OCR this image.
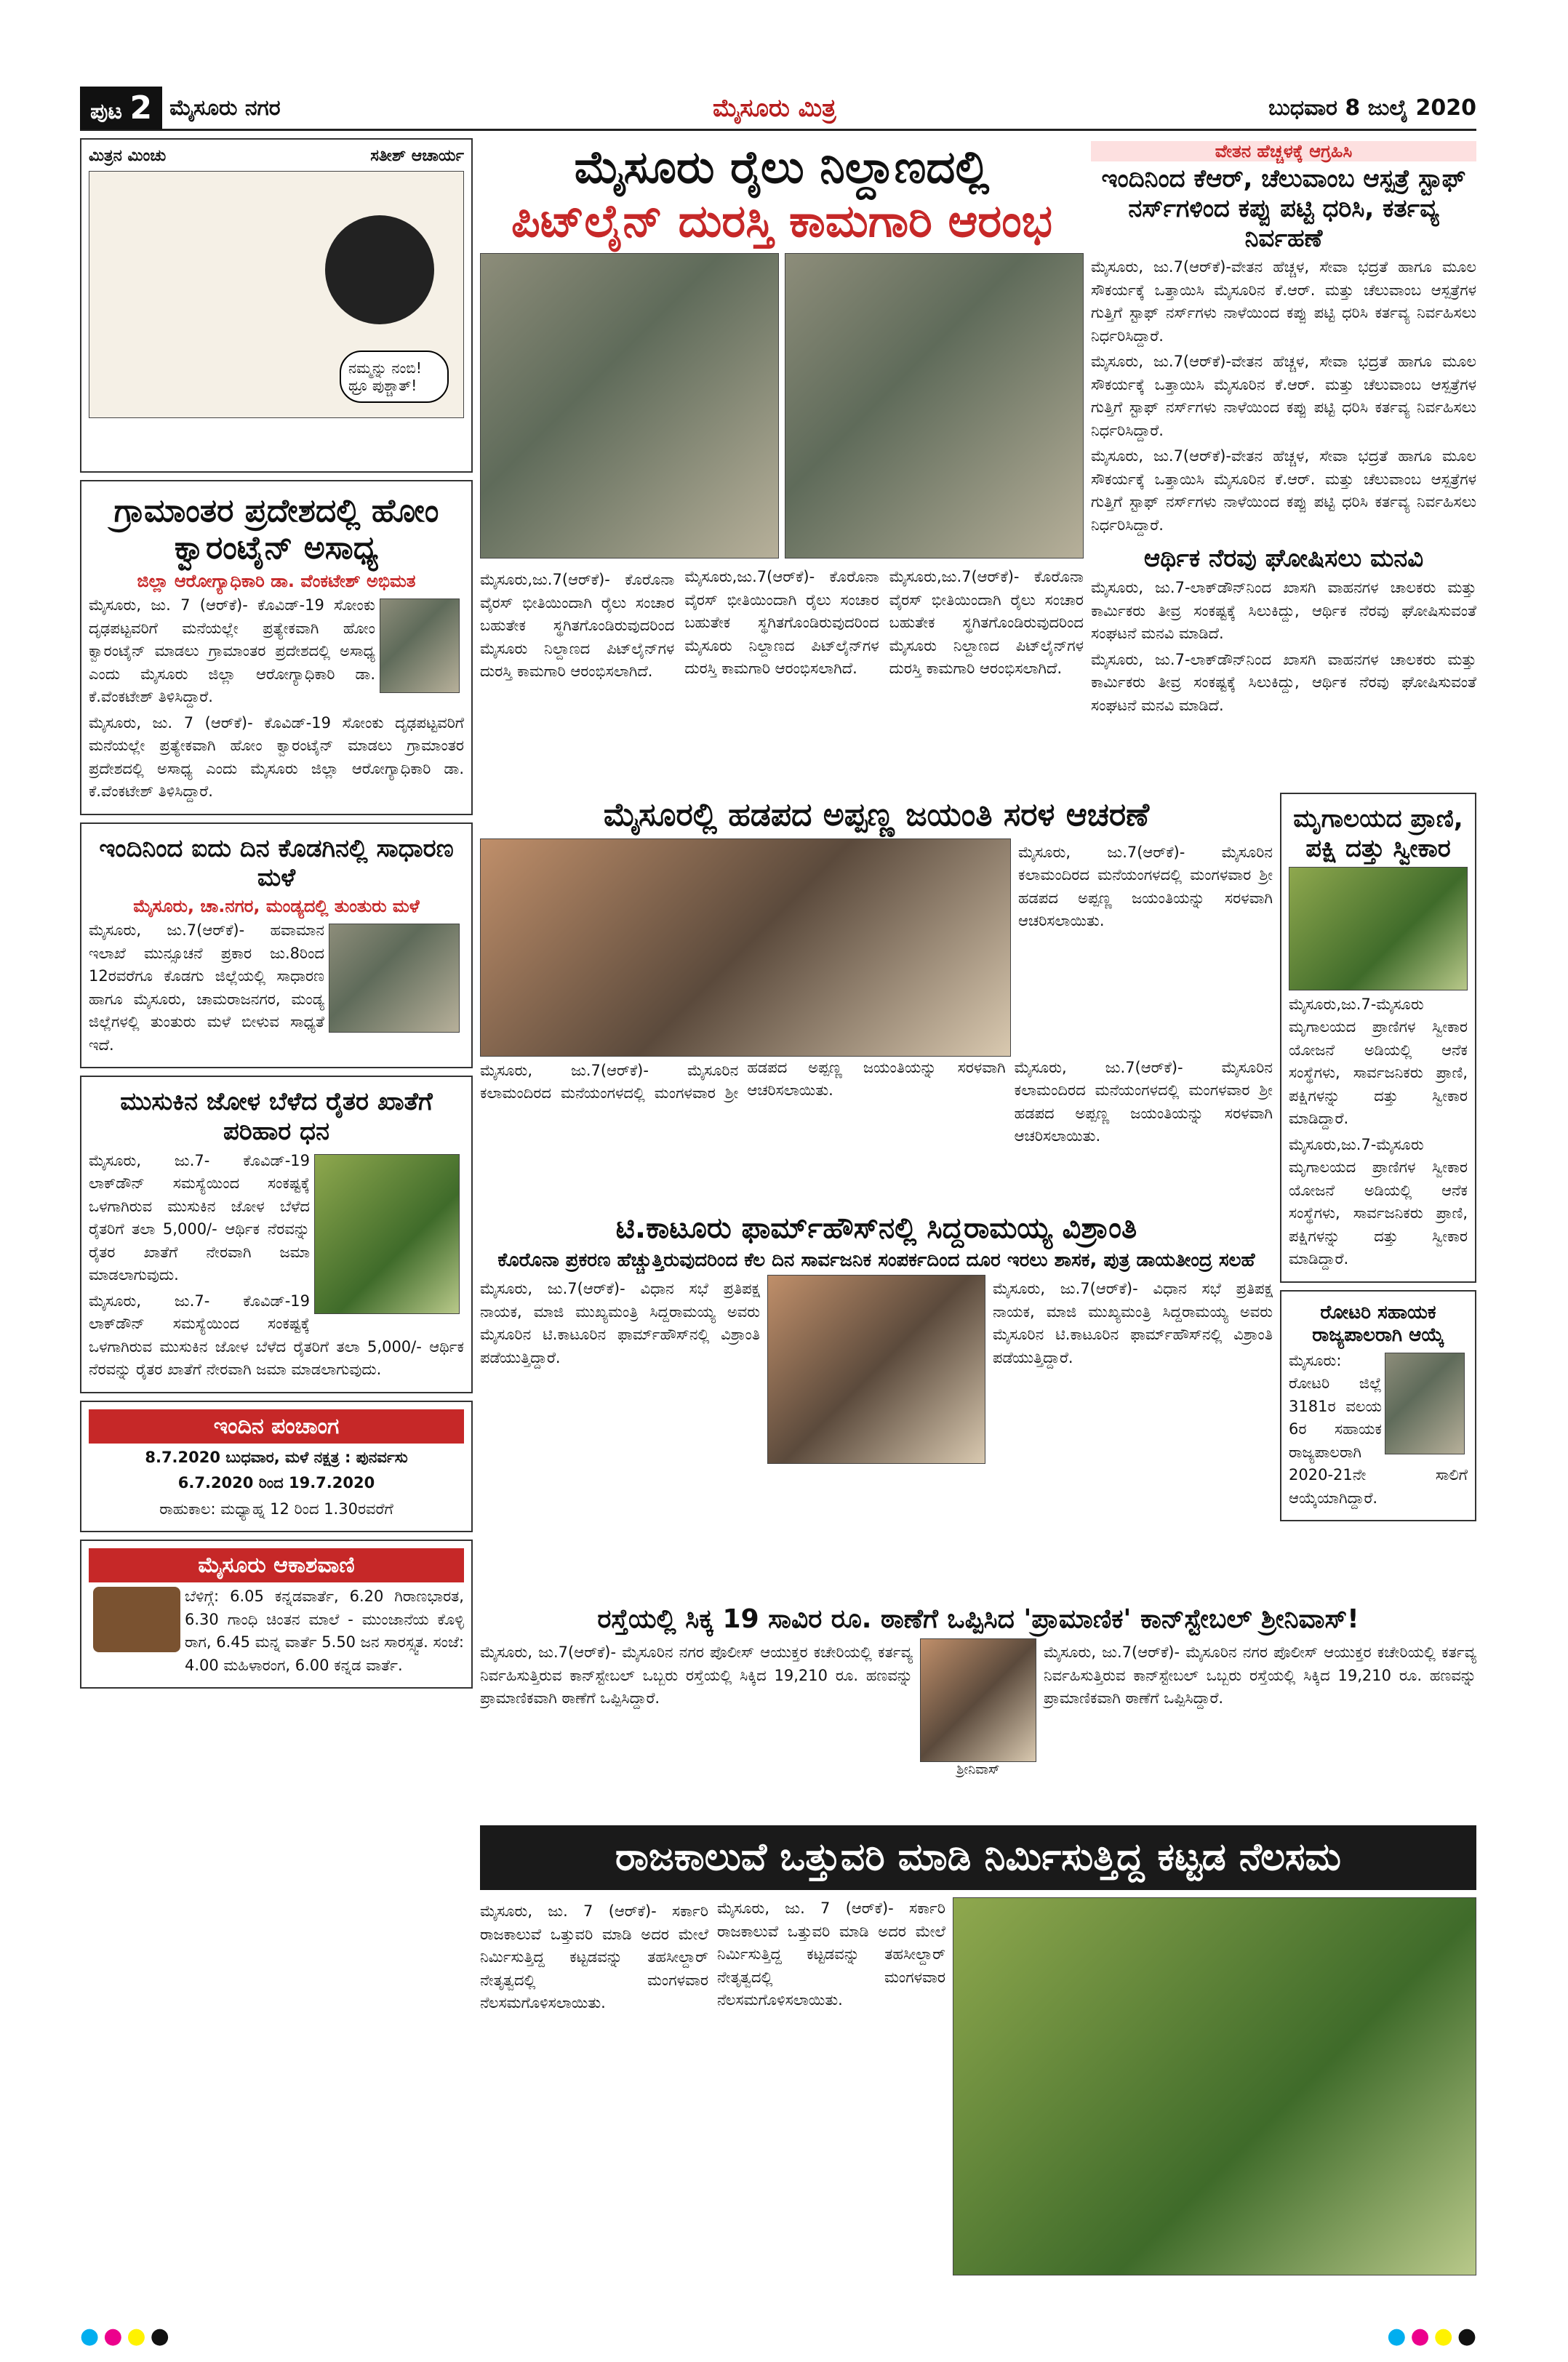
ಪುಟ 2 ಮೈಸೂರು ನಗರ	ಮೈಸೂರು ಮಿತ್ರ	ಬುಧವಾರ 8 ಜುಲೈ 2020
ಮಿತ್ರನ ಮಿಂಚು	ಸತೀಶ್ ಆಚಾರ್ಯ
ನಮ್ಮನ್ನು ನಂಬಿ! ಥ್ರೂ ಪುಶ್ಚಾತ್!
ಗ್ರಾಮಾಂತರ ಪ್ರದೇಶದಲ್ಲಿ ಹೋಂ ಕ್ವಾರಂಟೈನ್ ಅಸಾಧ್ಯ
ಜಿಲ್ಲಾ ಆರೋಗ್ಯಾಧಿಕಾರಿ ಡಾ. ವೆಂಕಟೇಶ್ ಅಭಿಮತ

ಮೈಸೂರು, ಜು. 7 (ಆರ್‌ಕೆ)- ಕೊವಿಡ್-19 ಸೋಂಕು ದೃಢಪಟ್ಟವರಿಗೆ ಮನೆಯಲ್ಲೇ ಪ್ರತ್ಯೇಕವಾಗಿ ಹೋಂ ಕ್ವಾರಂಟೈನ್ ಮಾಡಲು ಗ್ರಾಮಾಂತರ ಪ್ರದೇಶದಲ್ಲಿ ಅಸಾಧ್ಯ ಎಂದು ಮೈಸೂರು ಜಿಲ್ಲಾ ಆರೋಗ್ಯಾಧಿಕಾರಿ ಡಾ. ಕೆ.ವೆಂಕಟೇಶ್ ತಿಳಿಸಿದ್ದಾರೆ.

ಮೈಸೂರು, ಜು. 7 (ಆರ್‌ಕೆ)- ಕೊವಿಡ್-19 ಸೋಂಕು ದೃಢಪಟ್ಟವರಿಗೆ ಮನೆಯಲ್ಲೇ ಪ್ರತ್ಯೇಕವಾಗಿ ಹೋಂ ಕ್ವಾರಂಟೈನ್ ಮಾಡಲು ಗ್ರಾಮಾಂತರ ಪ್ರದೇಶದಲ್ಲಿ ಅಸಾಧ್ಯ ಎಂದು ಮೈಸೂರು ಜಿಲ್ಲಾ ಆರೋಗ್ಯಾಧಿಕಾರಿ ಡಾ. ಕೆ.ವೆಂಕಟೇಶ್ ತಿಳಿಸಿದ್ದಾರೆ.

ಇಂದಿನಿಂದ ಐದು ದಿನ ಕೊಡಗಿನಲ್ಲಿ ಸಾಧಾರಣ ಮಳೆ
ಮೈಸೂರು, ಚಾ.ನಗರ, ಮಂಡ್ಯದಲ್ಲಿ ತುಂತುರು ಮಳೆ

ಮೈಸೂರು, ಜು.7(ಆರ್‌ಕೆ)- ಹವಾಮಾನ ಇಲಾಖೆ ಮುನ್ಸೂಚನೆ ಪ್ರಕಾರ ಜು.8ರಿಂದ 12ರವರೆಗೂ ಕೊಡಗು ಜಿಲ್ಲೆಯಲ್ಲಿ ಸಾಧಾರಣ ಹಾಗೂ ಮೈಸೂರು, ಚಾಮರಾಜನಗರ, ಮಂಡ್ಯ ಜಿಲ್ಲೆಗಳಲ್ಲಿ ತುಂತುರು ಮಳೆ ಬೀಳುವ ಸಾಧ್ಯತೆ ಇದೆ.

ಮುಸುಕಿನ ಜೋಳ ಬೆಳೆದ ರೈತರ ಖಾತೆಗೆ ಪರಿಹಾರ ಧನ

ಮೈಸೂರು, ಜು.7- ಕೊವಿಡ್-19 ಲಾಕ್‌ಡೌನ್ ಸಮಸ್ಯೆಯಿಂದ ಸಂಕಷ್ಟಕ್ಕೆ ಒಳಗಾಗಿರುವ ಮುಸುಕಿನ ಜೋಳ ಬೆಳೆದ ರೈತರಿಗೆ ತಲಾ 5,000/- ಆರ್ಥಿಕ ನೆರವನ್ನು ರೈತರ ಖಾತೆಗೆ ನೇರವಾಗಿ ಜಮಾ ಮಾಡಲಾಗುವುದು.

ಮೈಸೂರು, ಜು.7- ಕೊವಿಡ್-19 ಲಾಕ್‌ಡೌನ್ ಸಮಸ್ಯೆಯಿಂದ ಸಂಕಷ್ಟಕ್ಕೆ ಒಳಗಾಗಿರುವ ಮುಸುಕಿನ ಜೋಳ ಬೆಳೆದ ರೈತರಿಗೆ ತಲಾ 5,000/- ಆರ್ಥಿಕ ನೆರವನ್ನು ರೈತರ ಖಾತೆಗೆ ನೇರವಾಗಿ ಜಮಾ ಮಾಡಲಾಗುವುದು.

ಇಂದಿನ ಪಂಚಾಂಗ

8.7.2020 ಬುಧವಾರ, ಮಳೆ ನಕ್ಷತ್ರ : ಪುನರ್ವಸು

6.7.2020 ರಿಂದ 19.7.2020

ರಾಹುಕಾಲ: ಮಧ್ಯಾಹ್ನ 12 ರಿಂದ 1.30ರವರೆಗೆ

ಮೈಸೂರು ಆಕಾಶವಾಣಿ

ಬೆಳಿಗ್ಗೆ: 6.05 ಕನ್ನಡವಾರ್ತೆ, 6.20 ಗಿರಾಣಭಾರತ, 6.30 ಗಾಂಧಿ ಚಿಂತನ ಮಾಲೆ - ಮುಂಜಾನೆಯ ಕೊಳ್ಳಿ ರಾಗ, 6.45 ಮನ್ನ ವಾರ್ತೆ 5.50 ಜನ ಸಾರಸ್ಸ್ವತ. ಸಂಜೆ: 4.00 ಮಹಿಳಾರಂಗ, 6.00 ಕನ್ನಡ ವಾರ್ತೆ.

ಮೈಸೂರು ರೈಲು ನಿಲ್ದಾಣದಲ್ಲಿ
ಪಿಟ್‌ಲೈನ್ ದುರಸ್ತಿ ಕಾಮಗಾರಿ ಆರಂಭ

ಮೈಸೂರು,ಜು.7(ಆರ್‌ಕೆ)- ಕೊರೊನಾ ವೈರಸ್ ಭೀತಿಯಿಂದಾಗಿ ರೈಲು ಸಂಚಾರ ಬಹುತೇಕ ಸ್ಥಗಿತಗೊಂಡಿರುವುದರಿಂದ ಮೈಸೂರು ನಿಲ್ದಾಣದ ಪಿಟ್‌ಲೈನ್‌ಗಳ ದುರಸ್ತಿ ಕಾಮಗಾರಿ ಆರಂಭಿಸಲಾಗಿದೆ.

ಮೈಸೂರು,ಜು.7(ಆರ್‌ಕೆ)- ಕೊರೊನಾ ವೈರಸ್ ಭೀತಿಯಿಂದಾಗಿ ರೈಲು ಸಂಚಾರ ಬಹುತೇಕ ಸ್ಥಗಿತಗೊಂಡಿರುವುದರಿಂದ ಮೈಸೂರು ನಿಲ್ದಾಣದ ಪಿಟ್‌ಲೈನ್‌ಗಳ ದುರಸ್ತಿ ಕಾಮಗಾರಿ ಆರಂಭಿಸಲಾಗಿದೆ.

ಮೈಸೂರು,ಜು.7(ಆರ್‌ಕೆ)- ಕೊರೊನಾ ವೈರಸ್ ಭೀತಿಯಿಂದಾಗಿ ರೈಲು ಸಂಚಾರ ಬಹುತೇಕ ಸ್ಥಗಿತಗೊಂಡಿರುವುದರಿಂದ ಮೈಸೂರು ನಿಲ್ದಾಣದ ಪಿಟ್‌ಲೈನ್‌ಗಳ ದುರಸ್ತಿ ಕಾಮಗಾರಿ ಆರಂಭಿಸಲಾಗಿದೆ.

ವೇತನ ಹೆಚ್ಚಳಕ್ಕೆ ಆಗ್ರಹಿಸಿ
ಇಂದಿನಿಂದ ಕೆಆರ್, ಚೆಲುವಾಂಬ ಆಸ್ಪತ್ರೆ ಸ್ಟಾಫ್ ನರ್ಸ್‌ಗಳಿಂದ ಕಪ್ಪು ಪಟ್ಟಿ ಧರಿಸಿ, ಕರ್ತವ್ಯ ನಿರ್ವಹಣೆ

ಮೈಸೂರು, ಜು.7(ಆರ್‌ಕೆ)-ವೇತನ ಹೆಚ್ಚಳ, ಸೇವಾ ಭದ್ರತೆ ಹಾಗೂ ಮೂಲ ಸೌಕರ್ಯಕ್ಕೆ ಒತ್ತಾಯಿಸಿ ಮೈಸೂರಿನ ಕೆ.ಆರ್. ಮತ್ತು ಚೆಲುವಾಂಬ ಆಸ್ಪತ್ರೆಗಳ ಗುತ್ತಿಗೆ ಸ್ಟಾಫ್ ನರ್ಸ್‌ಗಳು ನಾಳೆಯಿಂದ ಕಪ್ಪು ಪಟ್ಟಿ ಧರಿಸಿ ಕರ್ತವ್ಯ ನಿರ್ವಹಿಸಲು ನಿರ್ಧರಿಸಿದ್ದಾರೆ.

ಮೈಸೂರು, ಜು.7(ಆರ್‌ಕೆ)-ವೇತನ ಹೆಚ್ಚಳ, ಸೇವಾ ಭದ್ರತೆ ಹಾಗೂ ಮೂಲ ಸೌಕರ್ಯಕ್ಕೆ ಒತ್ತಾಯಿಸಿ ಮೈಸೂರಿನ ಕೆ.ಆರ್. ಮತ್ತು ಚೆಲುವಾಂಬ ಆಸ್ಪತ್ರೆಗಳ ಗುತ್ತಿಗೆ ಸ್ಟಾಫ್ ನರ್ಸ್‌ಗಳು ನಾಳೆಯಿಂದ ಕಪ್ಪು ಪಟ್ಟಿ ಧರಿಸಿ ಕರ್ತವ್ಯ ನಿರ್ವಹಿಸಲು ನಿರ್ಧರಿಸಿದ್ದಾರೆ.

ಮೈಸೂರು, ಜು.7(ಆರ್‌ಕೆ)-ವೇತನ ಹೆಚ್ಚಳ, ಸೇವಾ ಭದ್ರತೆ ಹಾಗೂ ಮೂಲ ಸೌಕರ್ಯಕ್ಕೆ ಒತ್ತಾಯಿಸಿ ಮೈಸೂರಿನ ಕೆ.ಆರ್. ಮತ್ತು ಚೆಲುವಾಂಬ ಆಸ್ಪತ್ರೆಗಳ ಗುತ್ತಿಗೆ ಸ್ಟಾಫ್ ನರ್ಸ್‌ಗಳು ನಾಳೆಯಿಂದ ಕಪ್ಪು ಪಟ್ಟಿ ಧರಿಸಿ ಕರ್ತವ್ಯ ನಿರ್ವಹಿಸಲು ನಿರ್ಧರಿಸಿದ್ದಾರೆ.

ಆರ್ಥಿಕ ನೆರವು ಘೋಷಿಸಲು ಮನವಿ

ಮೈಸೂರು, ಜು.7-ಲಾಕ್‌ಡೌನ್‌ನಿಂದ ಖಾಸಗಿ ವಾಹನಗಳ ಚಾಲಕರು ಮತ್ತು ಕಾರ್ಮಿಕರು ತೀವ್ರ ಸಂಕಷ್ಟಕ್ಕೆ ಸಿಲುಕಿದ್ದು, ಆರ್ಥಿಕ ನೆರವು ಘೋಷಿಸುವಂತೆ ಸಂಘಟನೆ ಮನವಿ ಮಾಡಿದೆ.

ಮೈಸೂರು, ಜು.7-ಲಾಕ್‌ಡೌನ್‌ನಿಂದ ಖಾಸಗಿ ವಾಹನಗಳ ಚಾಲಕರು ಮತ್ತು ಕಾರ್ಮಿಕರು ತೀವ್ರ ಸಂಕಷ್ಟಕ್ಕೆ ಸಿಲುಕಿದ್ದು, ಆರ್ಥಿಕ ನೆರವು ಘೋಷಿಸುವಂತೆ ಸಂಘಟನೆ ಮನವಿ ಮಾಡಿದೆ.

ಮೈಸೂರಲ್ಲಿ ಹಡಪದ ಅಪ್ಪಣ್ಣ ಜಯಂತಿ ಸರಳ ಆಚರಣೆ

ಮೈಸೂರು, ಜು.7(ಆರ್‌ಕೆ)- ಮೈಸೂರಿನ ಕಲಾಮಂದಿರದ ಮನೆಯಂಗಳದಲ್ಲಿ ಮಂಗಳವಾರ ಶ್ರೀ ಹಡಪದ ಅಪ್ಪಣ್ಣ ಜಯಂತಿಯನ್ನು ಸರಳವಾಗಿ ಆಚರಿಸಲಾಯಿತು.

ಮೈಸೂರು, ಜು.7(ಆರ್‌ಕೆ)- ಮೈಸೂರಿನ ಕಲಾಮಂದಿರದ ಮನೆಯಂಗಳದಲ್ಲಿ ಮಂಗಳವಾರ ಶ್ರೀ ಹಡಪದ ಅಪ್ಪಣ್ಣ ಜಯಂತಿಯನ್ನು ಸರಳವಾಗಿ ಆಚರಿಸಲಾಯಿತು.

ಮೈಸೂರು, ಜು.7(ಆರ್‌ಕೆ)- ಮೈಸೂರಿನ ಕಲಾಮಂದಿರದ ಮನೆಯಂಗಳದಲ್ಲಿ ಮಂಗಳವಾರ ಶ್ರೀ ಹಡಪದ ಅಪ್ಪಣ್ಣ ಜಯಂತಿಯನ್ನು ಸರಳವಾಗಿ ಆಚರಿಸಲಾಯಿತು.

ಮೃಗಾಲಯದ ಪ್ರಾಣಿ, ಪಕ್ಷಿ ದತ್ತು ಸ್ವೀಕಾರ

ಮೈಸೂರು,ಜು.7-ಮೈಸೂರು ಮೃಗಾಲಯದ ಪ್ರಾಣಿಗಳ ಸ್ವೀಕಾರ ಯೋಜನೆ ಅಡಿಯಲ್ಲಿ ಆನೆಕ ಸಂಸ್ಥೆಗಳು, ಸಾರ್ವಜನಿಕರು ಪ್ರಾಣಿ, ಪಕ್ಷಿಗಳನ್ನು ದತ್ತು ಸ್ವೀಕಾರ ಮಾಡಿದ್ದಾರೆ.

ಮೈಸೂರು,ಜು.7-ಮೈಸೂರು ಮೃಗಾಲಯದ ಪ್ರಾಣಿಗಳ ಸ್ವೀಕಾರ ಯೋಜನೆ ಅಡಿಯಲ್ಲಿ ಆನೆಕ ಸಂಸ್ಥೆಗಳು, ಸಾರ್ವಜನಿಕರು ಪ್ರಾಣಿ, ಪಕ್ಷಿಗಳನ್ನು ದತ್ತು ಸ್ವೀಕಾರ ಮಾಡಿದ್ದಾರೆ.

ರೋಟರಿ ಸಹಾಯಕ ರಾಜ್ಯಪಾಲರಾಗಿ ಆಯ್ಕೆ

ಮೈಸೂರು: ರೋಟರಿ ಜಿಲ್ಲೆ 3181ರ ವಲಯ 6ರ ಸಹಾಯಕ ರಾಜ್ಯಪಾಲರಾಗಿ 2020-21ನೇ ಸಾಲಿಗೆ ಆಯ್ಕೆಯಾಗಿದ್ದಾರೆ.

ಟಿ.ಕಾಟೂರು ಫಾರ್ಮ್‌ಹೌಸ್‌ನಲ್ಲಿ ಸಿದ್ದರಾಮಯ್ಯ ವಿಶ್ರಾಂತಿ
ಕೊರೊನಾ ಪ್ರಕರಣ ಹೆಚ್ಚುತ್ತಿರುವುದರಿಂದ ಕೆಲ ದಿನ ಸಾರ್ವಜನಿಕ ಸಂಪರ್ಕದಿಂದ ದೂರ ಇರಲು ಶಾಸಕ, ಪುತ್ರ ಡಾಯತೀಂದ್ರ ಸಲಹೆ

ಮೈಸೂರು, ಜು.7(ಆರ್‌ಕೆ)- ವಿಧಾನ ಸಭೆ ಪ್ರತಿಪಕ್ಷ ನಾಯಕ, ಮಾಜಿ ಮುಖ್ಯಮಂತ್ರಿ ಸಿದ್ದರಾಮಯ್ಯ ಅವರು ಮೈಸೂರಿನ ಟಿ.ಕಾಟೂರಿನ ಫಾರ್ಮ್‌ಹೌಸ್‌ನಲ್ಲಿ ವಿಶ್ರಾಂತಿ ಪಡೆಯುತ್ತಿದ್ದಾರೆ.

ಮೈಸೂರು, ಜು.7(ಆರ್‌ಕೆ)- ವಿಧಾನ ಸಭೆ ಪ್ರತಿಪಕ್ಷ ನಾಯಕ, ಮಾಜಿ ಮುಖ್ಯಮಂತ್ರಿ ಸಿದ್ದರಾಮಯ್ಯ ಅವರು ಮೈಸೂರಿನ ಟಿ.ಕಾಟೂರಿನ ಫಾರ್ಮ್‌ಹೌಸ್‌ನಲ್ಲಿ ವಿಶ್ರಾಂತಿ ಪಡೆಯುತ್ತಿದ್ದಾರೆ.

ರಸ್ತೆಯಲ್ಲಿ ಸಿಕ್ಕ 19 ಸಾವಿರ ರೂ. ಠಾಣೆಗೆ ಒಪ್ಪಿಸಿದ 'ಪ್ರಾಮಾಣಿಕ' ಕಾನ್‌ಸ್ಟೇಬಲ್ ಶ್ರೀನಿವಾಸ್!

ಮೈಸೂರು, ಜು.7(ಆರ್‌ಕೆ)- ಮೈಸೂರಿನ ನಗರ ಪೊಲೀಸ್ ಆಯುಕ್ತರ ಕಚೇರಿಯಲ್ಲಿ ಕರ್ತವ್ಯ ನಿರ್ವಹಿಸುತ್ತಿರುವ ಕಾನ್‌ಸ್ಟೇಬಲ್ ಒಬ್ಬರು ರಸ್ತೆಯಲ್ಲಿ ಸಿಕ್ಕಿದ 19,210 ರೂ. ಹಣವನ್ನು ಪ್ರಾಮಾಣಿಕವಾಗಿ ಠಾಣೆಗೆ ಒಪ್ಪಿಸಿದ್ದಾರೆ.

ಶ್ರೀನಿವಾಸ್

ಮೈಸೂರು, ಜು.7(ಆರ್‌ಕೆ)- ಮೈಸೂರಿನ ನಗರ ಪೊಲೀಸ್ ಆಯುಕ್ತರ ಕಚೇರಿಯಲ್ಲಿ ಕರ್ತವ್ಯ ನಿರ್ವಹಿಸುತ್ತಿರುವ ಕಾನ್‌ಸ್ಟೇಬಲ್ ಒಬ್ಬರು ರಸ್ತೆಯಲ್ಲಿ ಸಿಕ್ಕಿದ 19,210 ರೂ. ಹಣವನ್ನು ಪ್ರಾಮಾಣಿಕವಾಗಿ ಠಾಣೆಗೆ ಒಪ್ಪಿಸಿದ್ದಾರೆ.

ರಾಜಕಾಲುವೆ ಒತ್ತುವರಿ ಮಾಡಿ ನಿರ್ಮಿಸುತ್ತಿದ್ದ ಕಟ್ಟಡ ನೆಲಸಮ

ಮೈಸೂರು, ಜು. 7 (ಆರ್‌ಕೆ)- ಸರ್ಕಾರಿ ರಾಜಕಾಲುವೆ ಒತ್ತುವರಿ ಮಾಡಿ ಅದರ ಮೇಲೆ ನಿರ್ಮಿಸುತ್ತಿದ್ದ ಕಟ್ಟಡವನ್ನು ತಹಸೀಲ್ದಾರ್ ನೇತೃತ್ವದಲ್ಲಿ ಮಂಗಳವಾರ ನೆಲಸಮಗೊಳಿಸಲಾಯಿತು.

ಮೈಸೂರು, ಜು. 7 (ಆರ್‌ಕೆ)- ಸರ್ಕಾರಿ ರಾಜಕಾಲುವೆ ಒತ್ತುವರಿ ಮಾಡಿ ಅದರ ಮೇಲೆ ನಿರ್ಮಿಸುತ್ತಿದ್ದ ಕಟ್ಟಡವನ್ನು ತಹಸೀಲ್ದಾರ್ ನೇತೃತ್ವದಲ್ಲಿ ಮಂಗಳವಾರ ನೆಲಸಮಗೊಳಿಸಲಾಯಿತು.

●●●●	●●●●
